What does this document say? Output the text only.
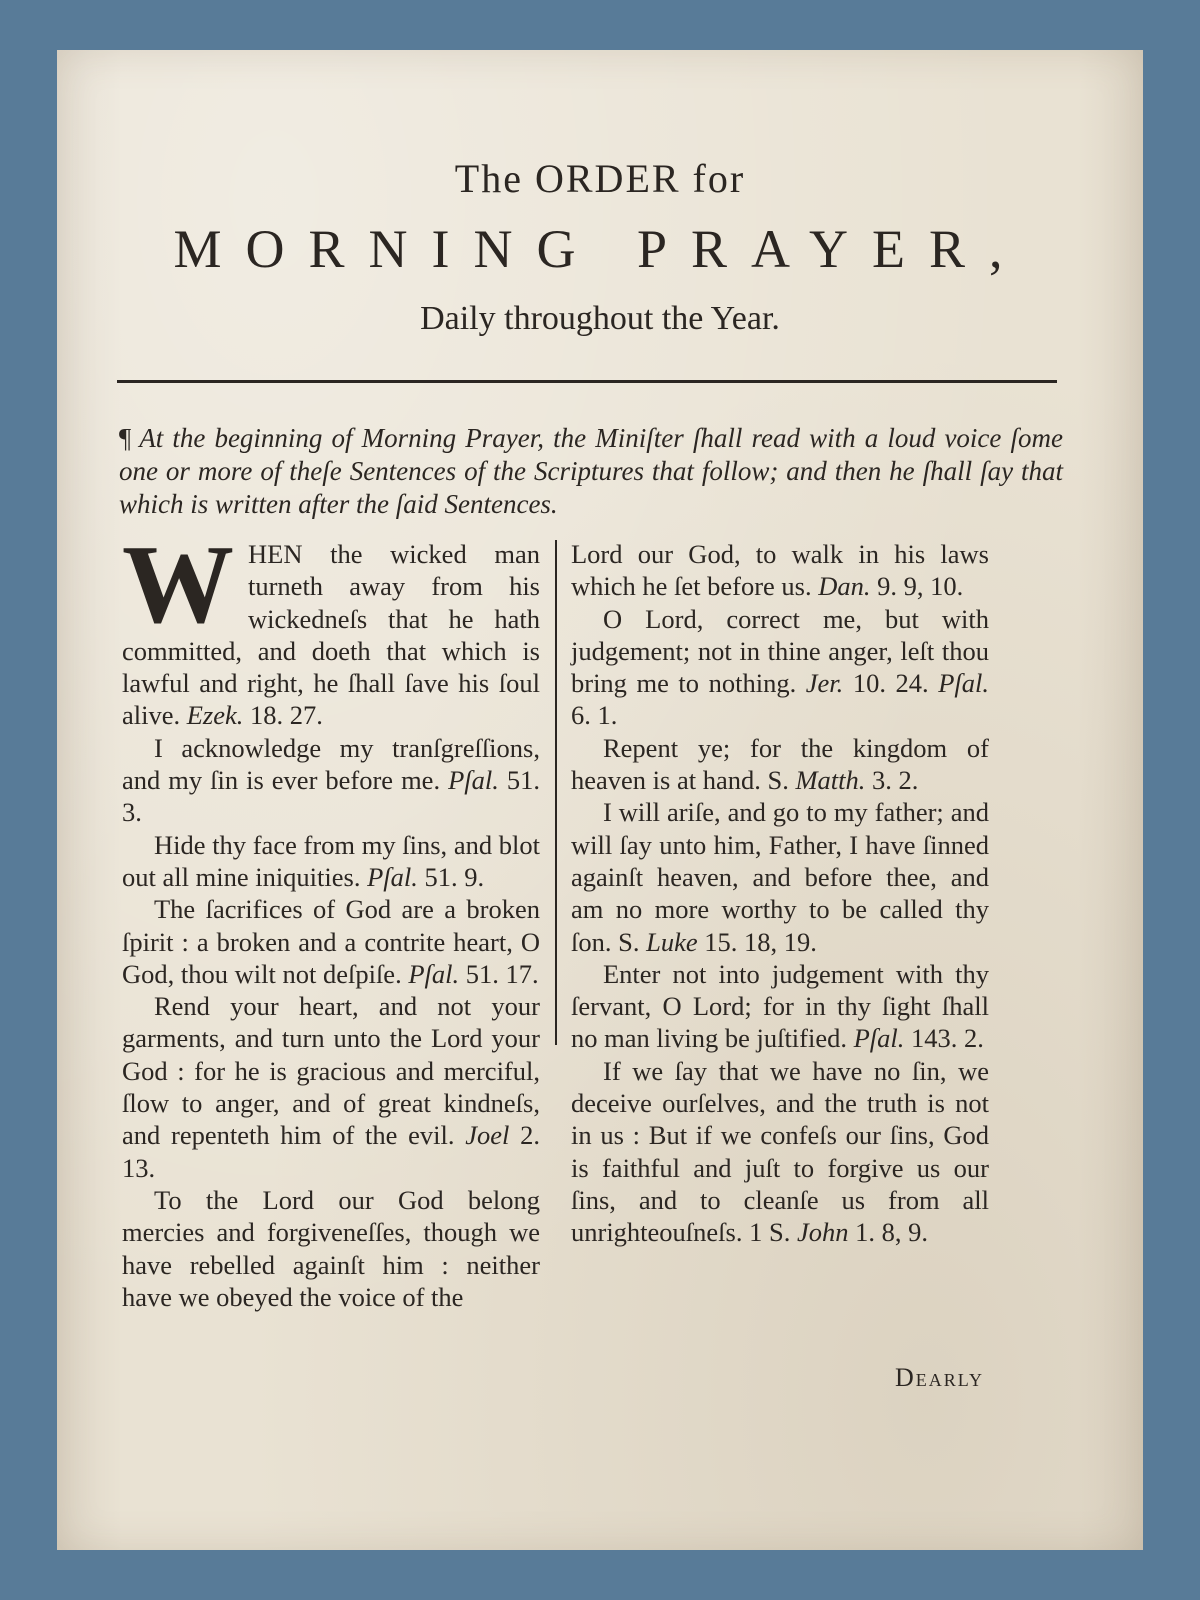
The ORDER for
MORNING PRAYER,
Daily throughout the Year.
¶ At the beginning of Morning Prayer, the Miniſter ſhall read with a loud voice ſome one or more of theſe Sentences of the Scriptures that follow; and then he ſhall ſay that which is written after the ſaid Sentences.

WHEN the wicked man turneth away from his wickedneſs that he hath committed, and doeth that which is lawful and right, he ſhall ſave his ſoul alive. Ezek. 18. 27.

I acknowledge my tranſgreſſions, and my ſin is ever before me. Pſal. 51. 3.

Hide thy face from my ſins, and blot out all mine iniquities. Pſal. 51. 9.

The ſacrifices of God are a broken ſpirit : a broken and a contrite heart, O God, thou wilt not deſpiſe. Pſal. 51. 17.

Rend your heart, and not your garments, and turn unto the Lord your God : for he is gracious and merciful, ſlow to anger, and of great kindneſs, and repenteth him of the evil. Joel 2. 13.

To the Lord our God belong mercies and forgiveneſſes, though we have rebelled againſt him : neither have we obeyed the voice of the

Lord our God, to walk in his laws which he ſet before us. Dan. 9. 9, 10.

O Lord, correct me, but with judgement; not in thine anger, leſt thou bring me to nothing. Jer. 10. 24. Pſal. 6. 1.

Repent ye; for the kingdom of heaven is at hand. S. Matth. 3. 2.

I will ariſe, and go to my father; and will ſay unto him, Father, I have ſinned againſt heaven, and before thee, and am no more worthy to be called thy ſon. S. Luke 15. 18, 19.

Enter not into judgement with thy ſervant, O Lord; for in thy ſight ſhall no man living be juſtified. Pſal. 143. 2.

If we ſay that we have no ſin, we deceive ourſelves, and the truth is not in us : But if we confeſs our ſins, God is faithful and juſt to forgive us our ſins, and to cleanſe us from all unrighteouſneſs. 1 S. John 1. 8, 9.

Dearly
